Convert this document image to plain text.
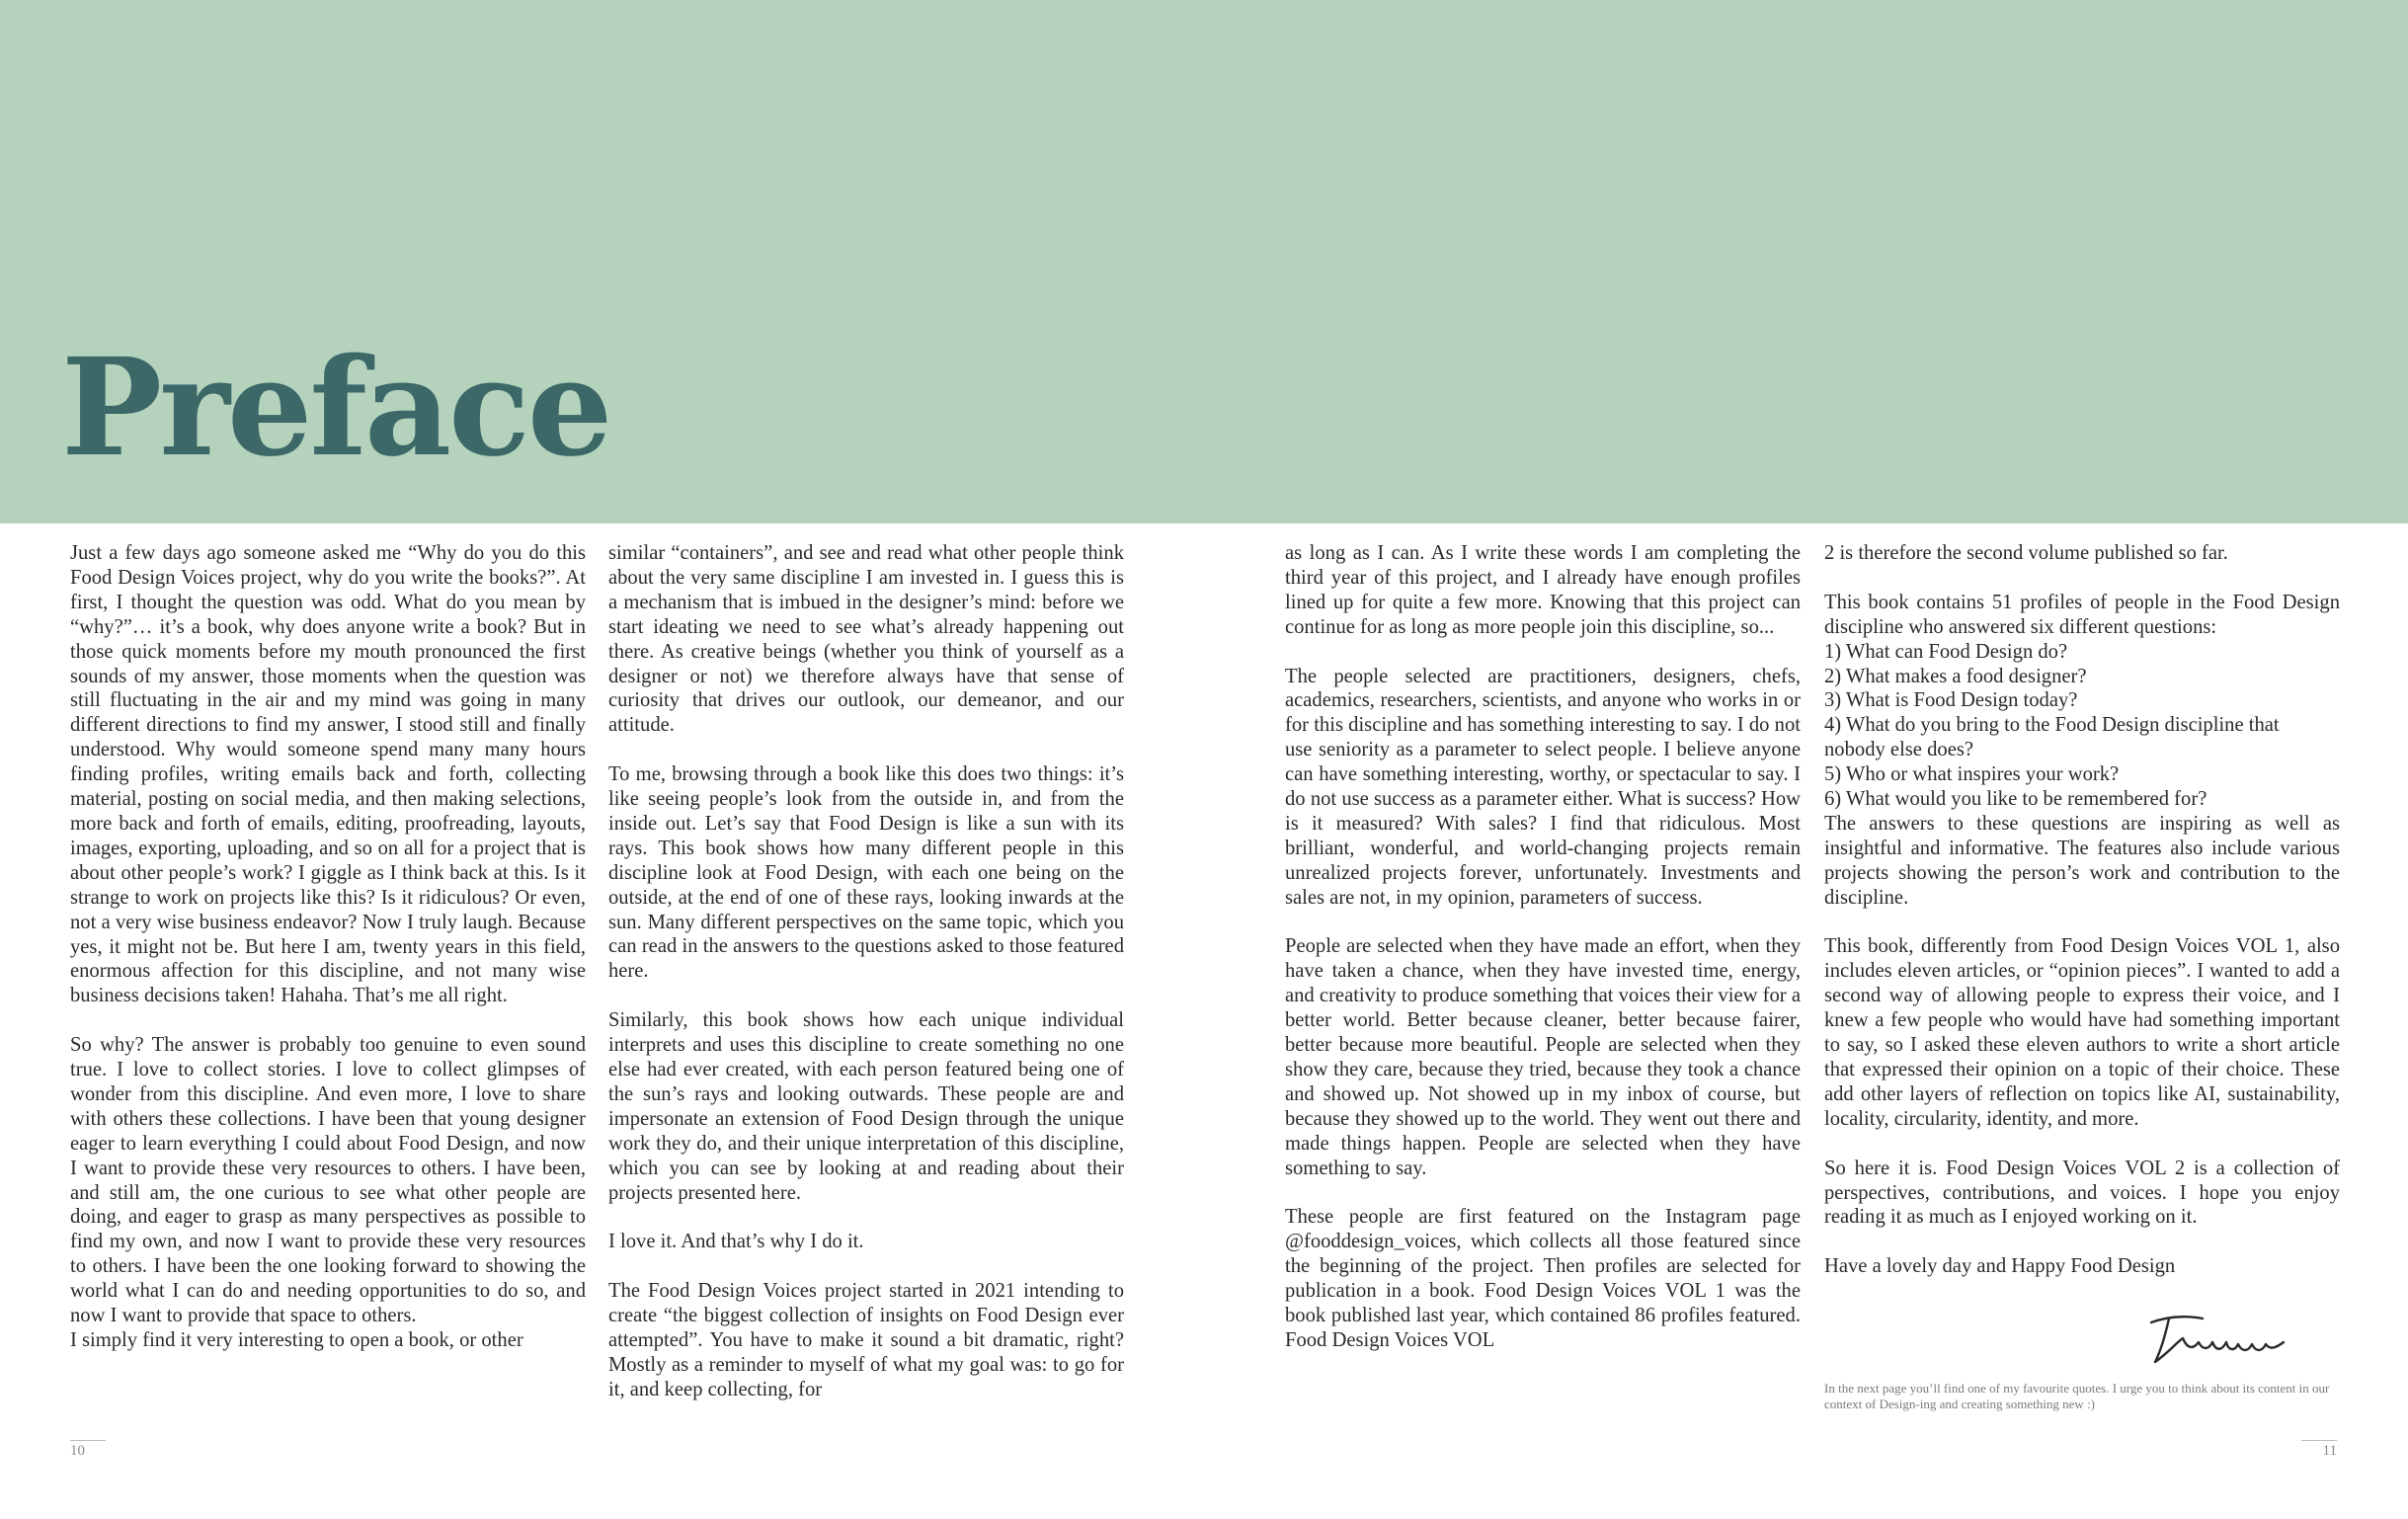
Preface

Just a few days ago someone asked me “Why do you do this Food Design Voices project, why do you write the books?”. At first, I thought the question was odd. What do you mean by “why?”… it’s a book, why does anyone write a book? But in those quick moments before my mouth pronounced the first sounds of my answer, those moments when the question was still fluctuating in the air and my mind was going in many different directions to find my answer, I stood still and finally understood. Why would someone spend many many hours finding profiles, writing emails back and forth, collecting material, posting on social media, and then making selections, more back and forth of emails, editing, proofreading, layouts, images, exporting, uploading, and so on all for a project that is about other people’s work? I giggle as I think back at this. Is it strange to work on projects like this? Is it ridiculous? Or even, not a very wise business endeavor? Now I truly laugh. Because yes, it might not be. But here I am, twenty years in this field, enormous affection for this discipline, and not many wise business decisions taken! Hahaha. That’s me all right.

So why? The answer is probably too genuine to even sound true. I love to collect stories. I love to collect glimpses of wonder from this discipline. And even more, I love to share with others these collections. I have been that young designer eager to learn everything I could about Food Design, and now I want to provide these very resources to others. I have been, and still am, the one curious to see what other people are doing, and eager to grasp as many perspectives as possible to find my own, and now I want to provide these very resources to others. I have been the one looking forward to showing the world what I can do and needing opportunities to do so, and now I want to provide that space to others.

I simply find it very interesting to open a book, or other

similar “containers”, and see and read what other people think about the very same discipline I am invested in. I guess this is a mechanism that is imbued in the designer’s mind: before we start ideating we need to see what’s already happening out there. As creative beings (whether you think of yourself as a designer or not) we therefore always have that sense of curiosity that drives our outlook, our demeanor, and our attitude.

To me, browsing through a book like this does two things: it’s like seeing people’s look from the outside in, and from the inside out. Let’s say that Food Design is like a sun with its rays. This book shows how many different people in this discipline look at Food Design, with each one being on the outside, at the end of one of these rays, looking inwards at the sun. Many different perspectives on the same topic, which you can read in the answers to the questions asked to those featured here.

Similarly, this book shows how each unique individual interprets and uses this discipline to create something no one else had ever created, with each person featured being one of the sun’s rays and looking outwards. These people are and impersonate an extension of Food Design through the unique work they do, and their unique interpretation of this discipline, which you can see by looking at and reading about their projects presented here.

I love it. And that’s why I do it.

The Food Design Voices project started in 2021 intending to create “the biggest collection of insights on Food Design ever attempted”. You have to make it sound a bit dramatic, right? Mostly as a reminder to myself of what my goal was: to go for it, and keep collecting, for

as long as I can. As I write these words I am completing the third year of this project, and I already have enough profiles lined up for quite a few more. Knowing that this project can continue for as long as more people join this discipline, so...

The people selected are practitioners, designers, chefs, academics, researchers, scientists, and anyone who works in or for this discipline and has something interesting to say. I do not use seniority as a parameter to select people. I believe anyone can have something interesting, worthy, or spectacular to say. I do not use success as a parameter either. What is success? How is it measured? With sales? I find that ridiculous. Most brilliant, wonderful, and world-changing projects remain unrealized projects forever, unfortunately. Investments and sales are not, in my opinion, parameters of success.

People are selected when they have made an effort, when they have taken a chance, when they have invested time, energy, and creativity to produce something that voices their view for a better world. Better because cleaner, better because fairer, better because more beautiful. People are selected when they show they care, because they tried, because they took a chance and showed up. Not showed up in my inbox of course, but because they showed up to the world. They went out there and made things happen. People are selected when they have something to say.

These people are first featured on the Instagram page @fooddesign_voices, which collects all those featured since the beginning of the project. Then profiles are selected for publication in a book. Food Design Voices VOL 1 was the book published last year, which contained 86 profiles featured. Food Design Voices VOL

2 is therefore the second volume published so far.

This book contains 51 profiles of people in the Food Design discipline who answered six different questions:

1) What can Food Design do?

2) What makes a food designer?

3) What is Food Design today?

4) What do you bring to the Food Design discipline that nobody else does?

5) Who or what inspires your work?

6) What would you like to be remembered for?

The answers to these questions are inspiring as well as insightful and informative. The features also include various projects showing the person’s work and contribution to the discipline.

This book, differently from Food Design Voices VOL 1, also includes eleven articles, or “opinion pieces”. I wanted to add a second way of allowing people to express their voice, and I knew a few people who would have had something important to say, so I asked these eleven authors to write a short article that expressed their opinion on a topic of their choice. These add other layers of reflection on topics like AI, sustainability, locality, circularity, identity, and more.

So here it is. Food Design Voices VOL 2 is a collection of perspectives, contributions, and voices. I hope you enjoy reading it as much as I enjoyed working on it.

Have a lovely day and Happy Food Design

In the next page you’ll find one of my favourite quotes. I urge you to think about its content in our context of Design-ing and creating something new :)

10	11
